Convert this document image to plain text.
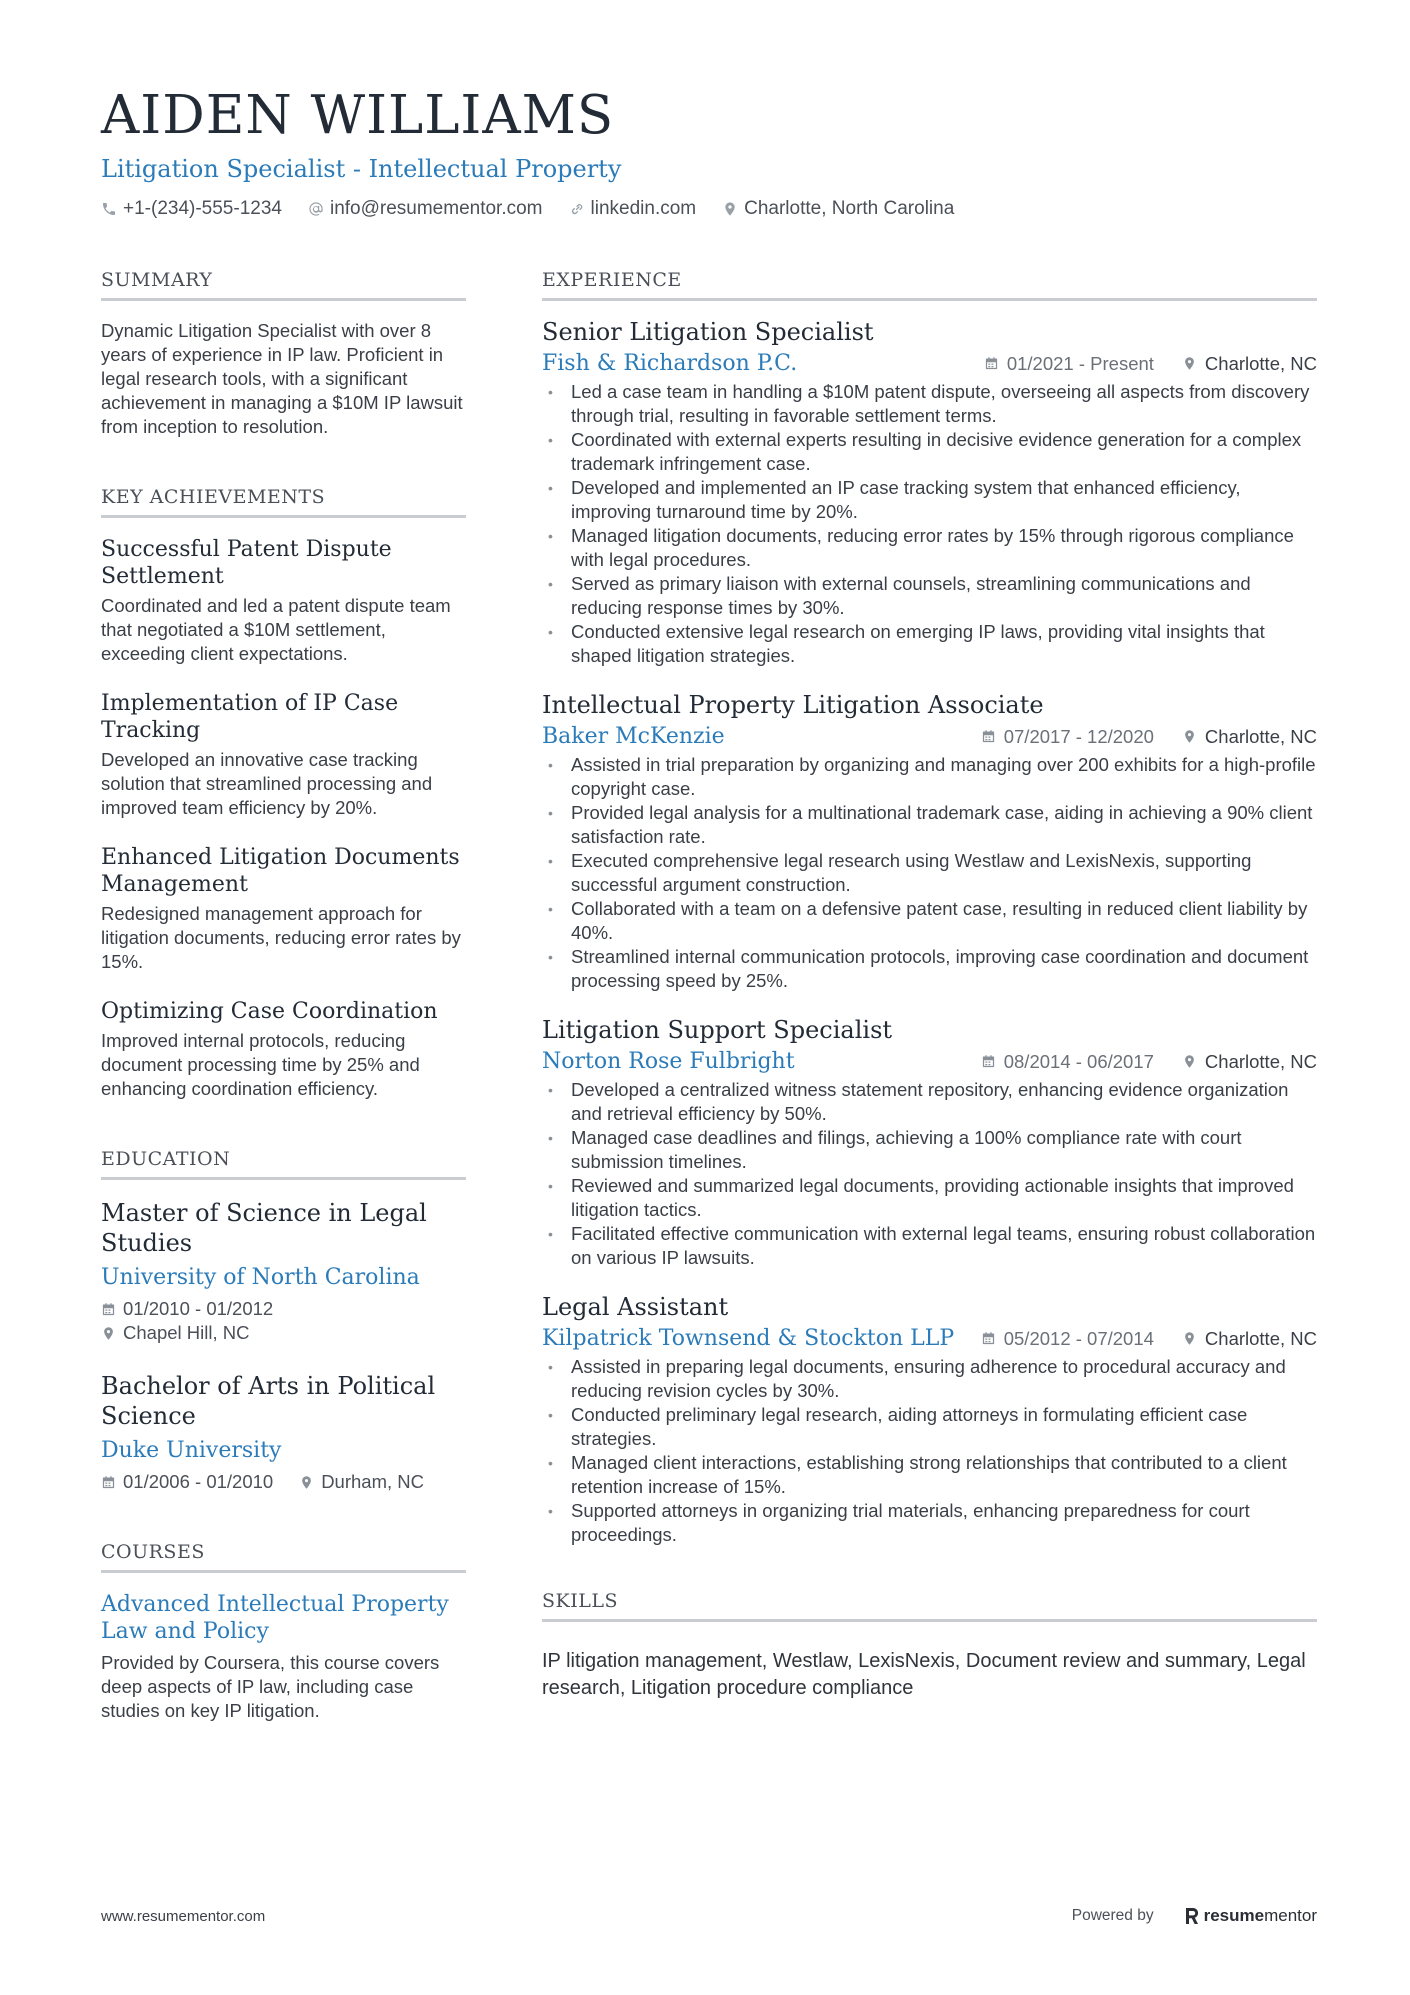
AIDEN WILLIAMS
Litigation Specialist - Intellectual Property
+1-(234)-555-1234	info@resumementor.com	linkedin.com	Charlotte, North Carolina
SUMMARY

Dynamic Litigation Specialist with over 8 years of experience in IP law. Proficient in legal research tools, with a significant achievement in managing a $10M IP lawsuit from inception to resolution.

KEY ACHIEVEMENTS
Successful Patent Dispute Settlement

Coordinated and led a patent dispute team that negotiated a $10M settlement, exceeding client expectations.

Implementation of IP Case Tracking

Developed an innovative case tracking solution that streamlined processing and improved team efficiency by 20%.

Enhanced Litigation Documents Management

Redesigned management approach for litigation documents, reducing error rates by 15%.

Optimizing Case Coordination

Improved internal protocols, reducing document processing time by 25% and enhancing coordination efficiency.

EDUCATION
Master of Science in Legal Studies
University of North Carolina
01/2010 - 01/2012
Chapel Hill, NC
Bachelor of Arts in Political Science
Duke University
01/2006 - 01/2010	Durham, NC
COURSES
Advanced Intellectual Property Law and Policy

Provided by Coursera, this course covers deep aspects of IP law, including case studies on key IP litigation.

EXPERIENCE
Senior Litigation Specialist
Fish & Richardson P.C.	01/2021 - Present	Charlotte, NC
• Led a case team in handling a $10M patent dispute, overseeing all aspects from discovery through trial, resulting in favorable settlement terms.
• Coordinated with external experts resulting in decisive evidence generation for a complex trademark infringement case.
• Developed and implemented an IP case tracking system that enhanced efficiency, improving turnaround time by 20%.
• Managed litigation documents, reducing error rates by 15% through rigorous compliance with legal procedures.
• Served as primary liaison with external counsels, streamlining communications and reducing response times by 30%.
• Conducted extensive legal research on emerging IP laws, providing vital insights that shaped litigation strategies.
Intellectual Property Litigation Associate
Baker McKenzie	07/2017 - 12/2020	Charlotte, NC
• Assisted in trial preparation by organizing and managing over 200 exhibits for a high-profile copyright case.
• Provided legal analysis for a multinational trademark case, aiding in achieving a 90% client satisfaction rate.
• Executed comprehensive legal research using Westlaw and LexisNexis, supporting successful argument construction.
• Collaborated with a team on a defensive patent case, resulting in reduced client liability by 40%.
• Streamlined internal communication protocols, improving case coordination and document processing speed by 25%.
Litigation Support Specialist
Norton Rose Fulbright	08/2014 - 06/2017	Charlotte, NC
• Developed a centralized witness statement repository, enhancing evidence organization and retrieval efficiency by 50%.
• Managed case deadlines and filings, achieving a 100% compliance rate with court submission timelines.
• Reviewed and summarized legal documents, providing actionable insights that improved litigation tactics.
• Facilitated effective communication with external legal teams, ensuring robust collaboration on various IP lawsuits.
Legal Assistant
Kilpatrick Townsend & Stockton LLP	05/2012 - 07/2014	Charlotte, NC
• Assisted in preparing legal documents, ensuring adherence to procedural accuracy and reducing revision cycles by 30%.
• Conducted preliminary legal research, aiding attorneys in formulating efficient case strategies.
• Managed client interactions, establishing strong relationships that contributed to a client retention increase of 15%.
• Supported attorneys in organizing trial materials, enhancing preparedness for court proceedings.
SKILLS

IP litigation management, Westlaw, LexisNexis, Document review and summary, Legal research, Litigation procedure compliance

www.resumementor.com	Powered by	resume mentor
